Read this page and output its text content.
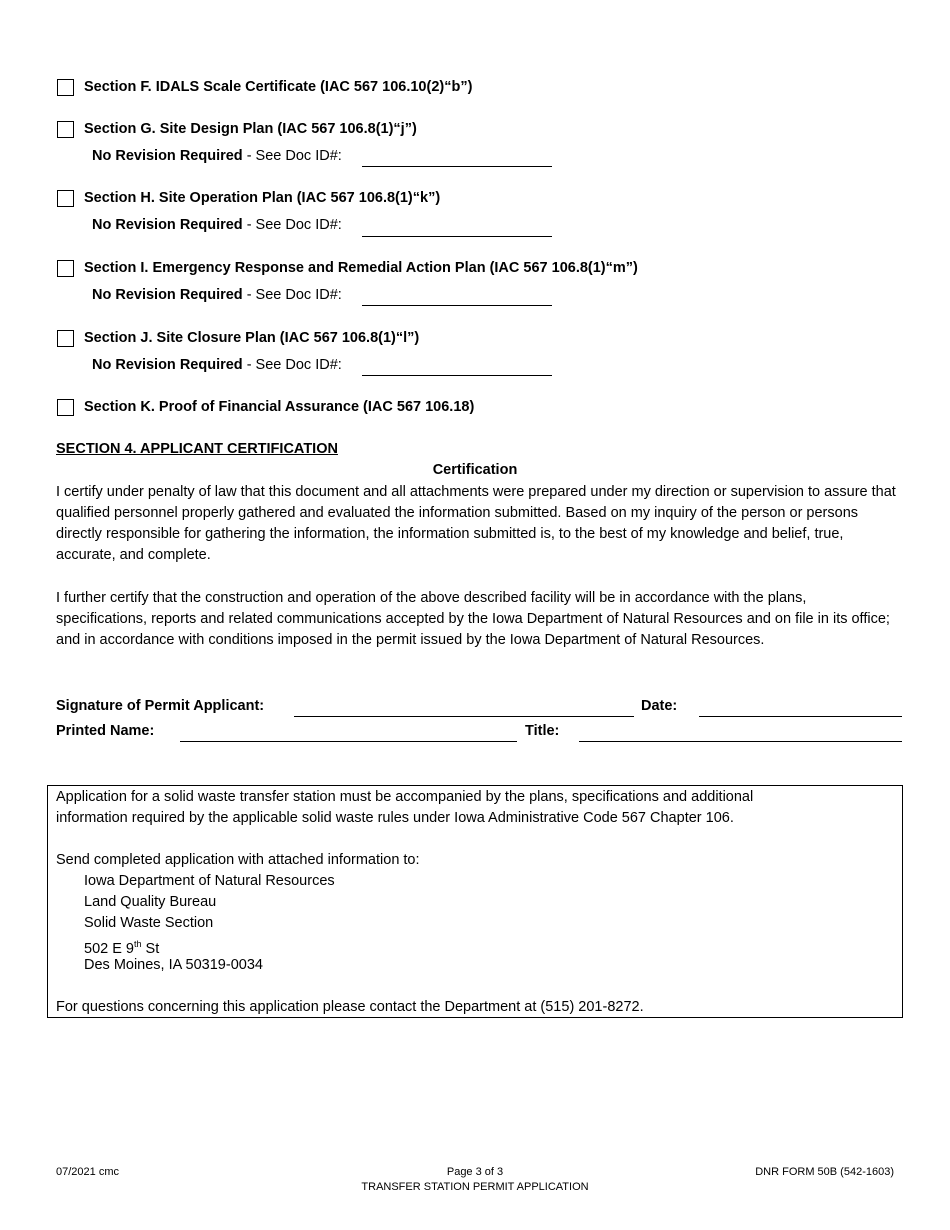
Section F. IDALS Scale Certificate (IAC 567 106.10(2)“b”)
Section G. Site Design Plan (IAC 567 106.8(1)“j”)
No Revision Required - See Doc ID#:
Section H. Site Operation Plan (IAC 567 106.8(1)“k”)
No Revision Required - See Doc ID#:
Section I. Emergency Response and Remedial Action Plan (IAC 567 106.8(1)“m”)
No Revision Required - See Doc ID#:
Section J. Site Closure Plan (IAC 567 106.8(1)“l”)
No Revision Required - See Doc ID#:
Section K. Proof of Financial Assurance (IAC 567 106.18)
SECTION 4. APPLICANT CERTIFICATION
Certification
I certify under penalty of law that this document and all attachments were prepared under my direction or supervision to assure that qualified personnel properly gathered and evaluated the information submitted. Based on my inquiry of the person or persons directly responsible for gathering the information, the information submitted is, to the best of my knowledge and belief, true, accurate, and complete.
I further certify that the construction and operation of the above described facility will be in accordance with the plans, specifications, reports and related communications accepted by the Iowa Department of Natural Resources and on file in its office; and in accordance with conditions imposed in the permit issued by the Iowa Department of Natural Resources.
Signature of Permit Applicant:	Date:
Printed Name:	Title:
Application for a solid waste transfer station must be accompanied by the plans, specifications and additional
information required by the applicable solid waste rules under Iowa Administrative Code 567 Chapter 106.
Send completed application with attached information to:
Iowa Department of Natural Resources
Land Quality Bureau
Solid Waste Section
502 E 9th St
Des Moines, IA 50319-0034
For questions concerning this application please contact the Department at (515) 201-8272.
07/2021 cmc	Page 3 of 3
TRANSFER STATION PERMIT APPLICATION
DNR FORM 50B (542-1603)
